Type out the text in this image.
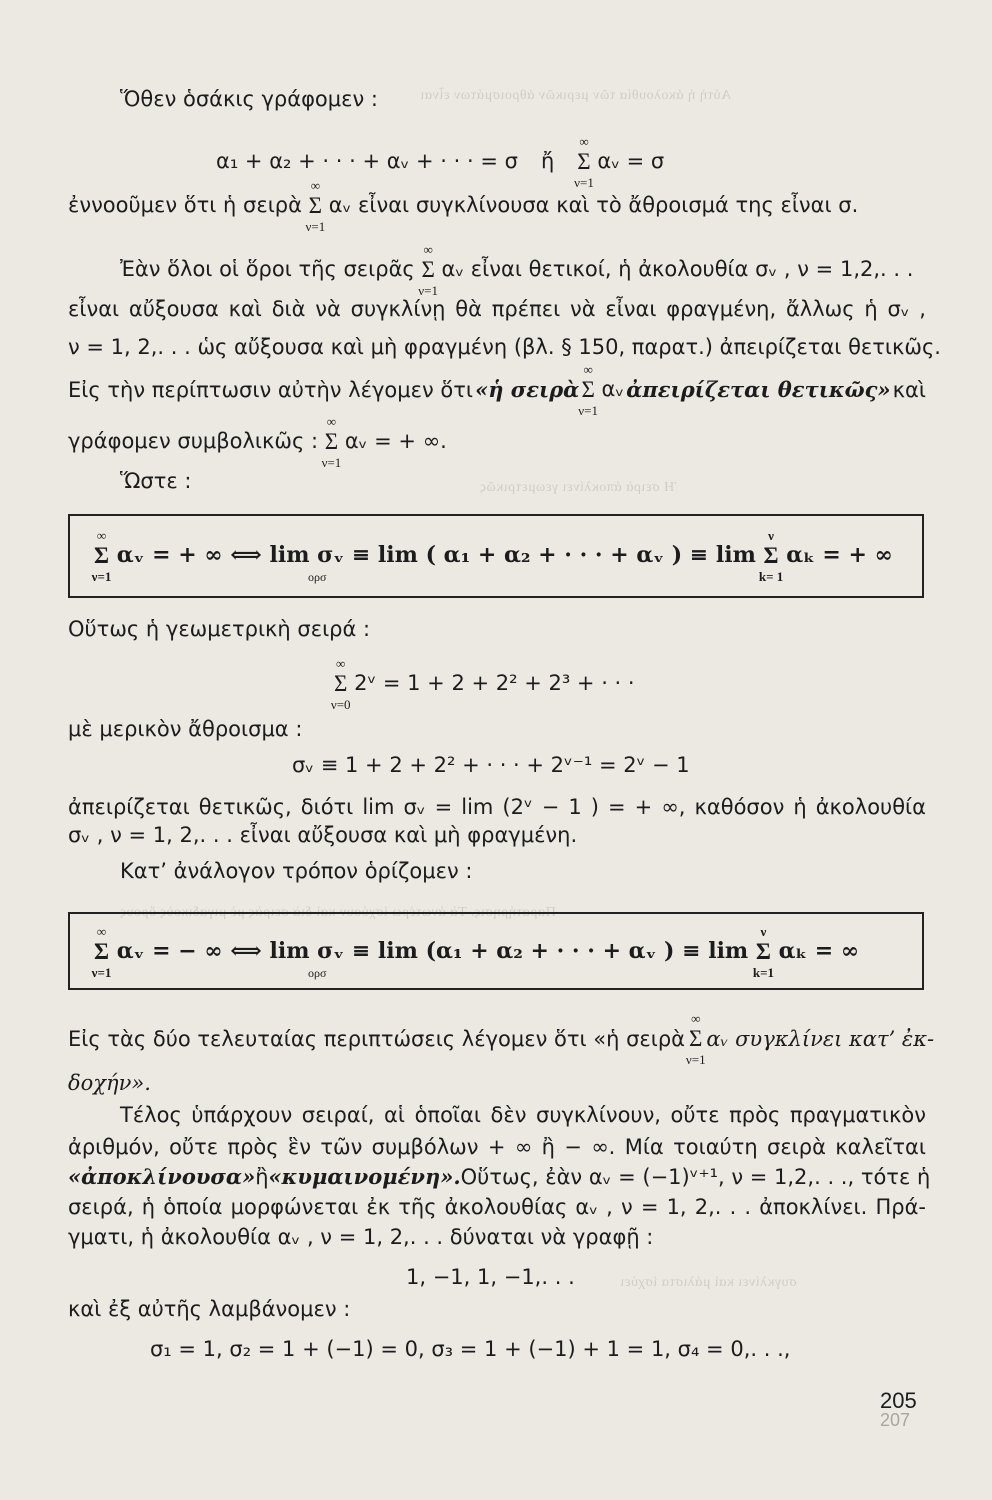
Αὐτὴ ἡ ἀκολουθία τῶν μερικῶν ἀθροισμάτων εἶναι
Ἡ σειρὰ ἀποκλίνει γεωμετρικῶς
Παρατήρησις. Τὰ ἀνωτέρω ἰσχύουν καὶ διὰ σειρὰς μὲ μιγαδικοὺς ὅρους
συγκλίνει καὶ μάλιστα ἰσχύει
Ὅθεν ὁσάκις γράφομεν :
α₁ + α₂ + · · · + αᵥ + · · · = σ ἤ
∞
Σ
ν=1
αᵥ = σ
ἐννοοῦμεν ὅτι ἡ σειρὰ
∞
Σ
ν=1
αᵥ εἶναι συγκλίνουσα καὶ τὸ ἄθροισμά της εἶναι σ.
Ἐὰν ὅλοι οἱ ὅροι τῆς σειρᾶς
∞
Σ
ν=1
αᵥ εἶναι θετικοί, ἡ ἀκολουθία σᵥ , ν = 1,2,. . .
εἶναι αὔξουσα καὶ διὰ νὰ συγκλίνῃ θὰ πρέπει νὰ εἶναι φραγμένη, ἄλλως ἡ σᵥ ,
ν = 1, 2,. . . ὡς αὔξουσα καὶ μὴ φραγμένη (βλ. § 150, παρατ.) ἀπειρίζεται θετικῶς.
Εἰς τὴν περίπτωσιν αὐτὴν λέγομεν ὅτι «ἡ σειρὰ
∞
Σ
ν=1
αᵥ ἀπειρίζεται θετικῶς» καὶ
γράφομεν συμβολικῶς :
∞
Σ
ν=1
αᵥ = + ∞.
Ὥστε :
∞
Σ
ν=1
αᵥ = + ∞ ⟺ lim σᵥ ≡ lim ( α₁ + α₂ + · · · + αᵥ ) ≡ lim
ν
Σ
k= 1
αₖ = + ∞
ορσ
Οὕτως ἡ γεωμετρικὴ σειρά :
∞
Σ
ν=0
2ᵛ = 1 + 2 + 2² + 2³ + · · ·
μὲ μερικὸν ἄθροισμα :
σᵥ ≡ 1 + 2 + 2² + · · · + 2ᵛ⁻¹ = 2ᵛ − 1
ἀπειρίζεται θετικῶς, διότι lim σᵥ = lim (2ᵛ − 1 ) = + ∞, καθόσον ἡ ἀκολουθία
σᵥ , ν = 1, 2,. . . εἶναι αὔξουσα καὶ μὴ φραγμένη.
Κατ’ ἀνάλογον τρόπον ὁρίζομεν :
∞
Σ
ν=1
αᵥ = − ∞ ⟺ lim σᵥ ≡ lim (α₁ + α₂ + · · · + αᵥ ) ≡ lim
ν
Σ
k=1
αₖ = ∞
ορσ
Εἰς τὰς δύο τελευταίας περιπτώσεις λέγομεν ὅτι «ἡ σειρὰ
∞
Σ
ν=1
αᵥ συγκλίνει κατ’ ἐκ-
δοχήν».
Τέλος ὑπάρχουν σειραί, αἱ ὁποῖαι δὲν συγκλίνουν, οὔτε πρὸς πραγματικὸν
ἀριθμόν, οὔτε πρὸς ἓν τῶν συμβόλων + ∞ ἢ − ∞. Μία τοιαύτη σειρὰ καλεῖται
«ἀποκλίνουσα» ἢ «κυμαινομένη». Οὕτως, ἐὰν αᵥ = (−1)ᵛ⁺¹, ν = 1,2,. . ., τότε ἡ
σειρά, ἡ ὁποία μορφώνεται ἐκ τῆς ἀκολουθίας αᵥ , ν = 1, 2,. . . ἀποκλίνει. Πρά-
γματι, ἡ ἀκολουθία αᵥ , ν = 1, 2,. . . δύναται νὰ γραφῇ :
1, −1, 1, −1,. . .
καὶ ἐξ αὐτῆς λαμβάνομεν :
σ₁ = 1, σ₂ = 1 + (−1) = 0, σ₃ = 1 + (−1) + 1 = 1, σ₄ = 0,. . .,
205
207
